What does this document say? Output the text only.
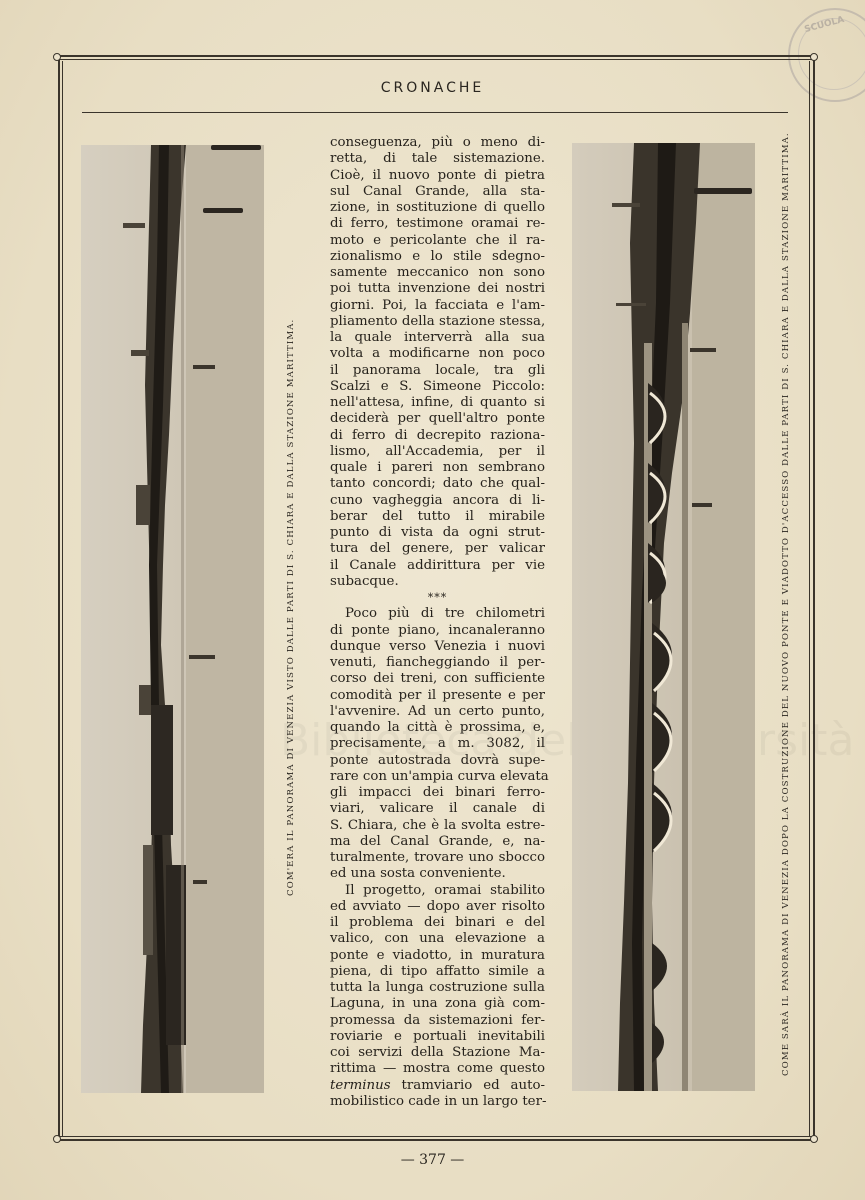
SCUOLA
CRONACHE
COM'ERA IL PANORAMA DI VENEZIA VISTO DALLE PARTI DI S. CHIARA E DALLA STAZIONE MARITTIMA.
conseguenza, più o meno di-
retta, di tale sistemazione.
Cioè, il nuovo ponte di pietra
sul Canal Grande, alla sta-
zione, in sostituzione di quello
di ferro, testimone oramai re-
moto e pericolante che il ra-
zionalismo e lo stile sdegno-
samente meccanico non sono
poi tutta invenzione dei nostri
giorni. Poi, la facciata e l'am-
pliamento della stazione stessa,
la quale interverrà alla sua
volta a modificarne non poco
il panorama locale, tra gli
Scalzi e S. Simeone Piccolo:
nell'attesa, infine, di quanto si
deciderà per quell'altro ponte
di ferro di decrepito raziona-
lismo, all'Accademia, per il
quale i pareri non sembrano
tanto concordi; dato che qual-
cuno vagheggia ancora di li-
berar del tutto il mirabile
punto di vista da ogni strut-
tura del genere, per valicar
il Canale addirittura per vie
subacque.
***
Poco più di tre chilometri
di ponte piano, incanaleranno
dunque verso Venezia i nuovi
venuti, fiancheggiando il per-
corso dei treni, con sufficiente
comodità per il presente e per
l'avvenire. Ad un certo punto,
quando la città è prossima, e,
precisamente, a m. 3082, il
ponte autostrada dovrà supe-
rare con un'ampia curva elevata
gli impacci dei binari ferro-
viari, valicare il canale di
S. Chiara, che è la svolta estre-
ma del Canal Grande, e, na-
turalmente, trovare uno sbocco
ed una sosta conveniente.
Il progetto, oramai stabilito
ed avviato — dopo aver risolto
il problema dei binari e del
valico, con una elevazione a
ponte e viadotto, in muratura
piena, di tipo affatto simile a
tutta la lunga costruzione sulla
Laguna, in una zona già com-
promessa da sistemazioni fer-
roviarie e portuali inevitabili
coi servizi della Stazione Ma-
rittima — mostra come questo
terminus tramviario ed auto-
mobilistico cade in un largo ter-
COME SARÀ IL PANORAMA DI VENEZIA DOPO LA COSTRUZIONE DEL NUOVO PONTE E VIADOTTO D'ACCESSO DALLE PARTI DI S. CHIARA E DALLA STAZIONE MARITTIMA.
— 377 —
